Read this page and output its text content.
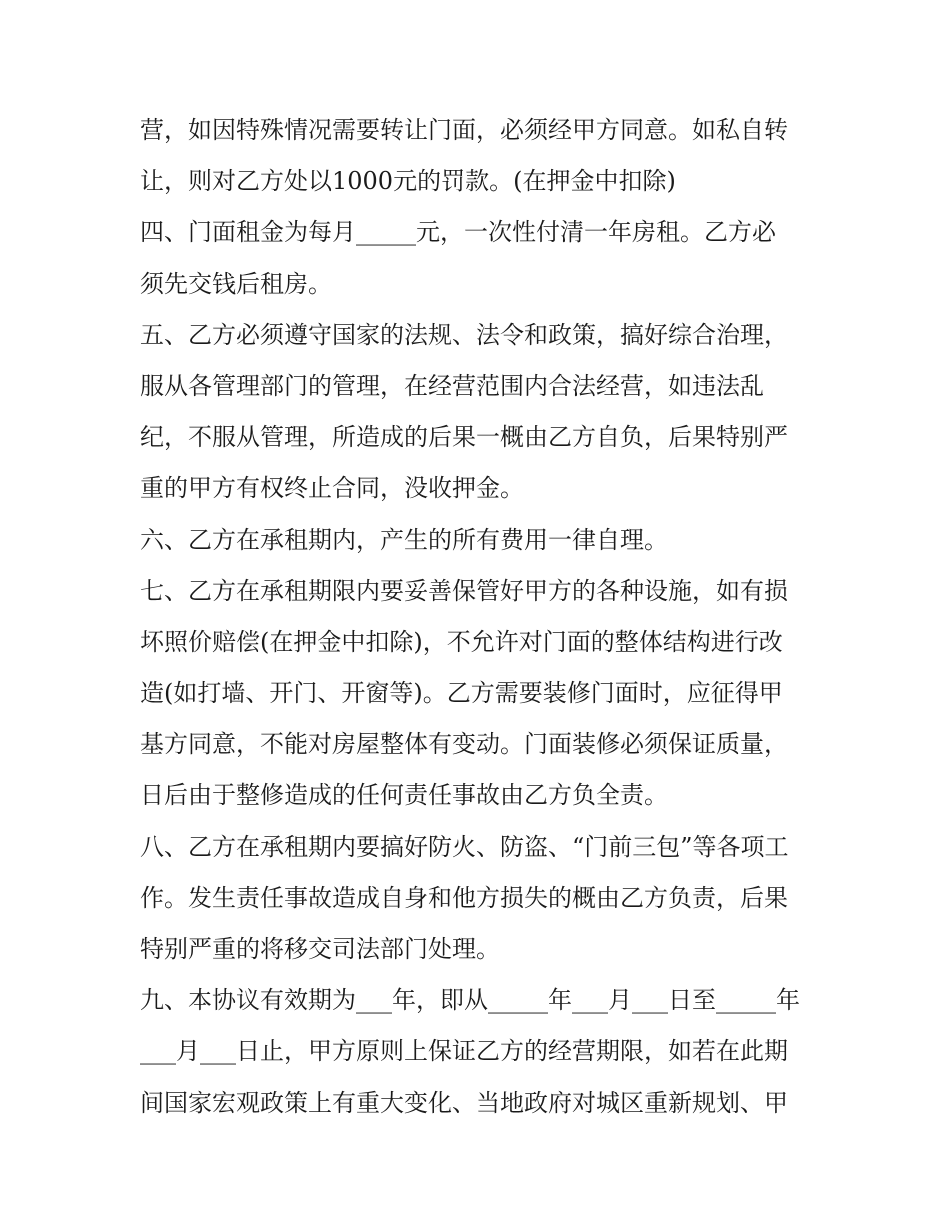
营，如因特殊情况需要转让门面，必须经甲方同意。如私自转
让，则对乙方处以1000元的罚款。(在押金中扣除)
四、门面租金为每月_____元，一次性付清一年房租。乙方必
须先交钱后租房。
五、乙方必须遵守国家的法规、法令和政策，搞好综合治理，
服从各管理部门的管理，在经营范围内合法经营，如违法乱
纪，不服从管理，所造成的后果一概由乙方自负，后果特别严
重的甲方有权终止合同，没收押金。
六、乙方在承租期内，产生的所有费用一律自理。
七、乙方在承租期限内要妥善保管好甲方的各种设施，如有损
坏照价赔偿(在押金中扣除)，不允许对门面的整体结构进行改
造(如打墙、开门、开窗等)。乙方需要装修门面时，应征得甲
基方同意，不能对房屋整体有变动。门面装修必须保证质量，
日后由于整修造成的任何责任事故由乙方负全责。
八、乙方在承租期内要搞好防火、防盗、“门前三包”等各项工
作。发生责任事故造成自身和他方损失的概由乙方负责，后果
特别严重的将移交司法部门处理。
九、本协议有效期为___年，即从_____年___月___日至_____年
___月___日止，甲方原则上保证乙方的经营期限，如若在此期
间国家宏观政策上有重大变化、当地政府对城区重新规划、甲
